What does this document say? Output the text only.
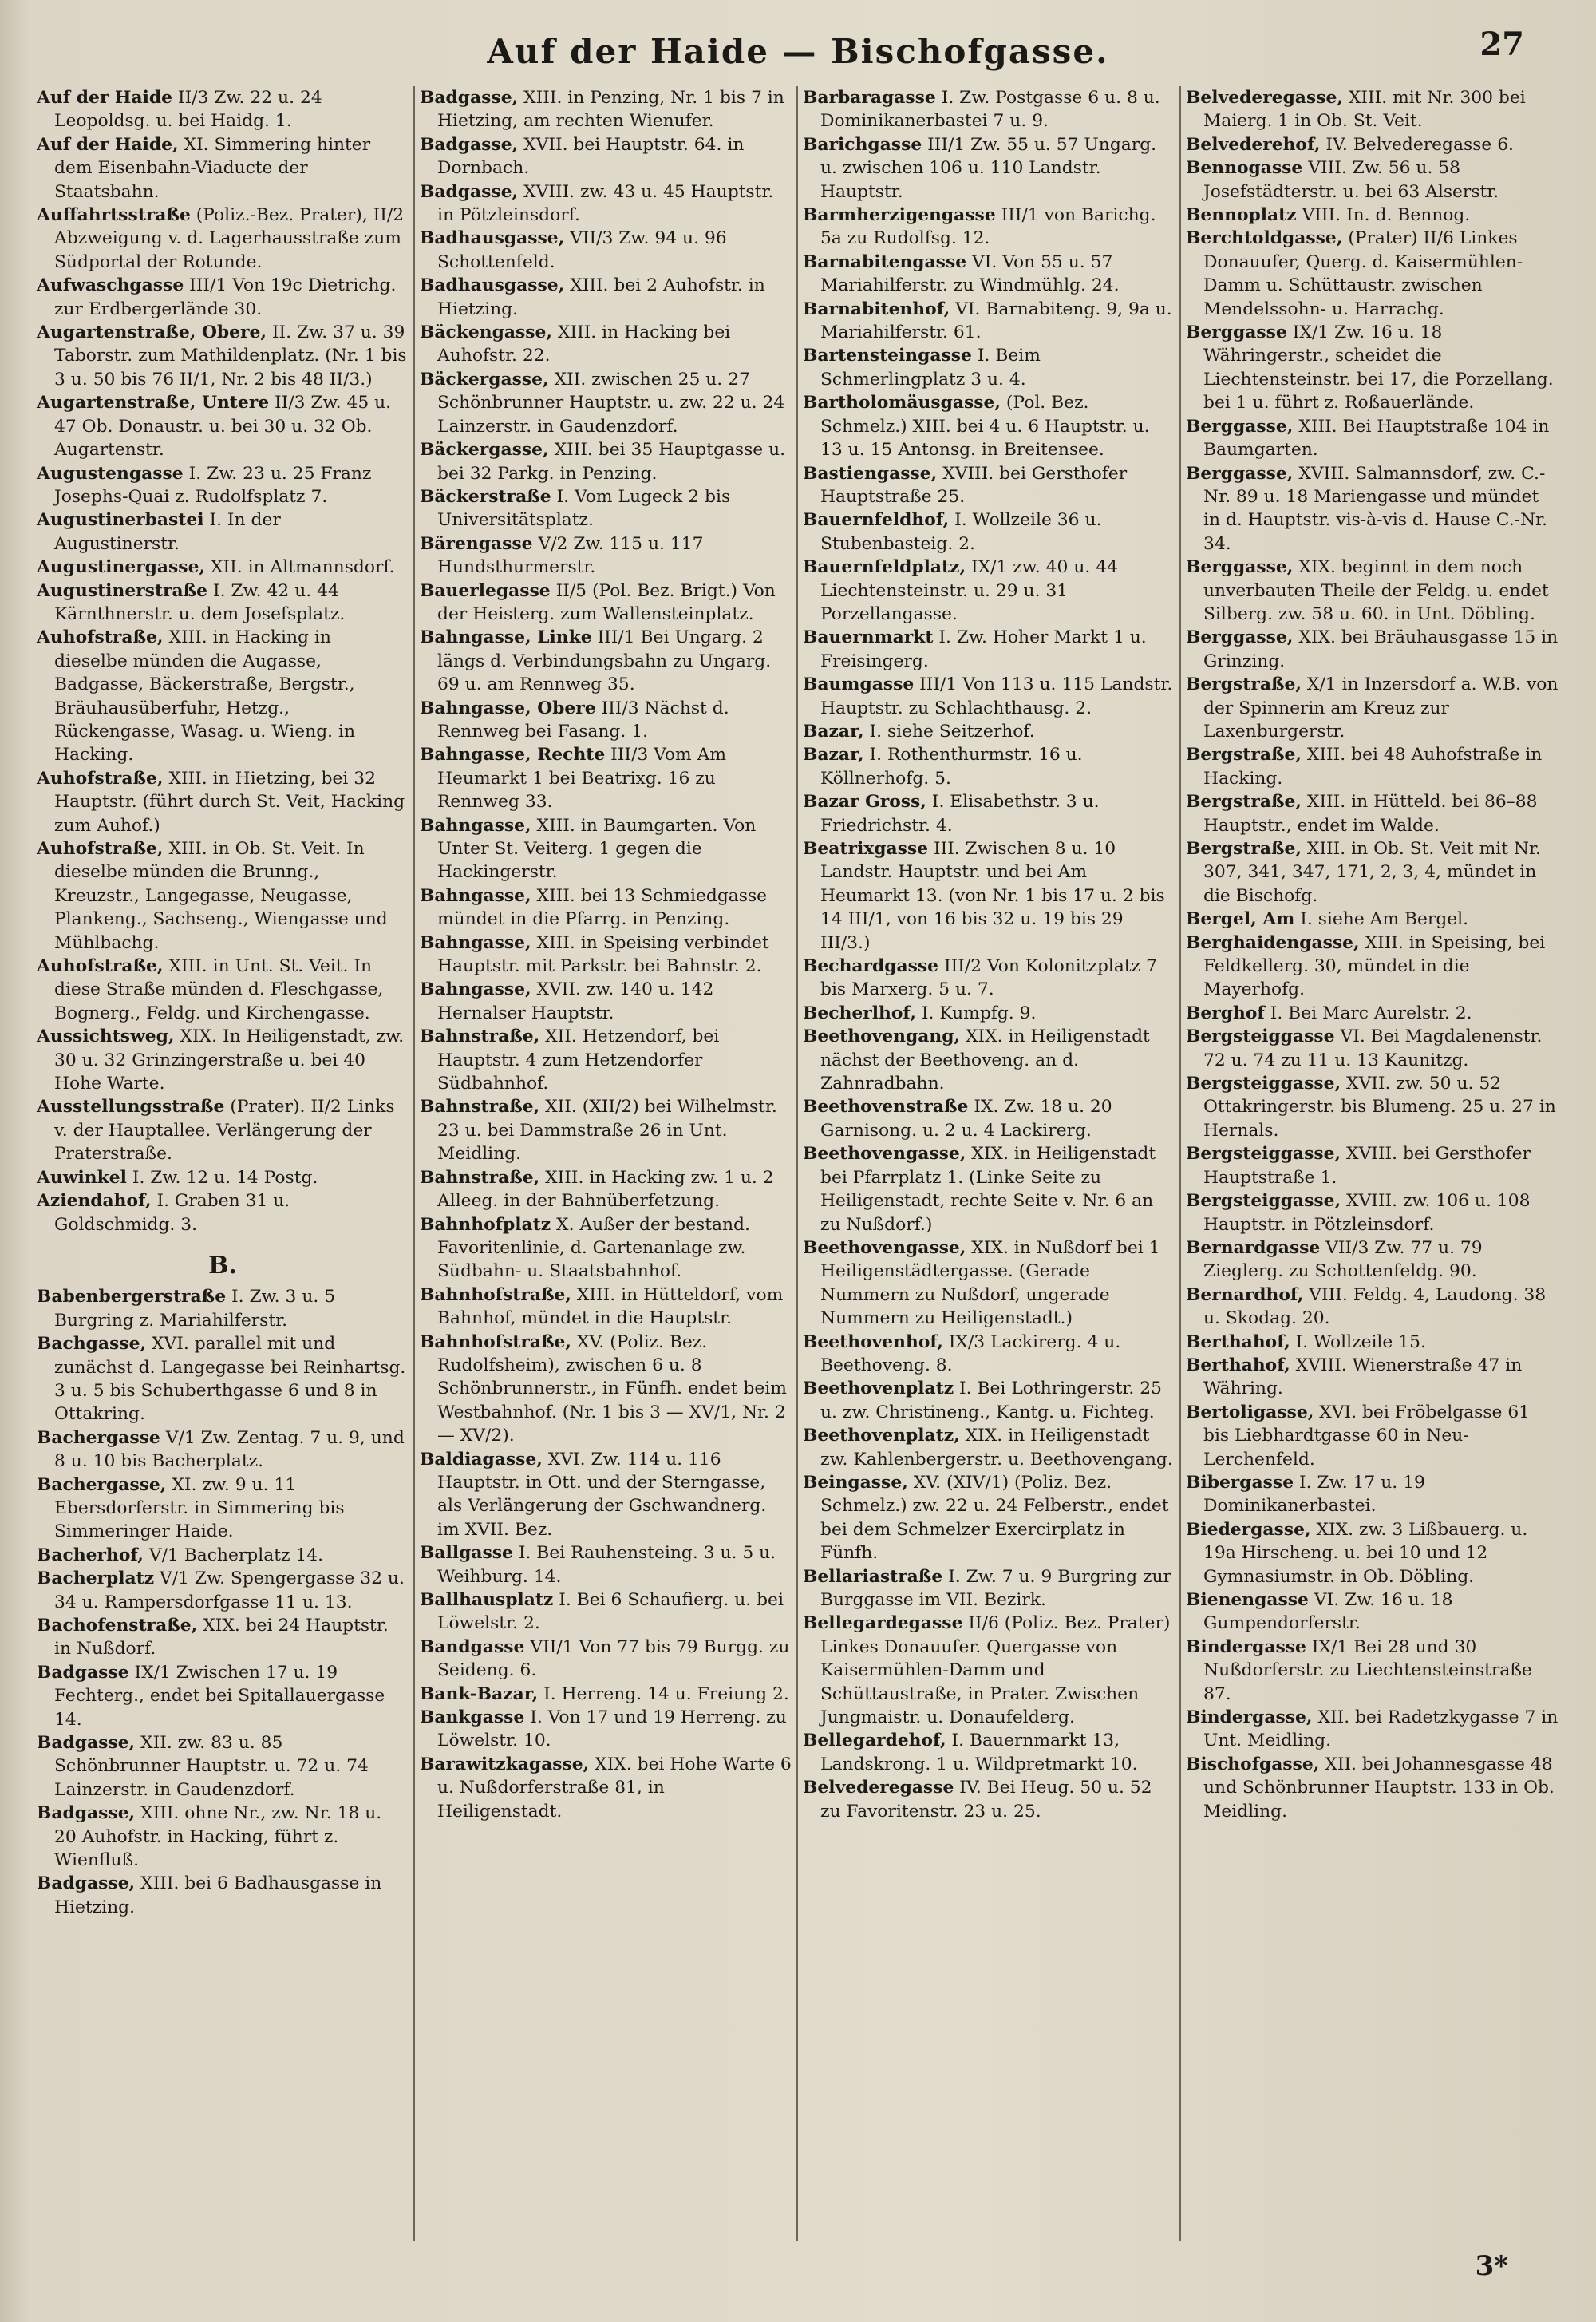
Auf der Haide — Bischofgasse.	27

Auf der Haide II/3 Zw. 22 u. 24 Leopoldsg. u. bei Haidg. 1.

Auf der Haide, XI. Simmering hinter dem Eisenbahn-Viaducte der Staatsbahn.

Auffahrtsstraße (Poliz.-Bez. Prater), II/2 Abzweigung v. d. Lagerhausstraße zum Südportal der Rotunde.

Aufwaschgasse III/1 Von 19c Dietrichg. zur Erdbergerlände 30.

Augartenstraße, Obere, II. Zw. 37 u. 39 Taborstr. zum Mathildenplatz. (Nr. 1 bis 3 u. 50 bis 76 II/1, Nr. 2 bis 48 II/3.)

Augartenstraße, Untere II/3 Zw. 45 u. 47 Ob. Donaustr. u. bei 30 u. 32 Ob. Augartenstr.

Augustengasse I. Zw. 23 u. 25 Franz Josephs-Quai z. Rudolfsplatz 7.

Augustinerbastei I. In der Augustinerstr.

Augustinergasse, XII. in Altmannsdorf.

Augustinerstraße I. Zw. 42 u. 44 Kärnthnerstr. u. dem Josefsplatz.

Auhofstraße, XIII. in Hacking in dieselbe münden die Augasse, Badgasse, Bäckerstraße, Bergstr., Bräuhausüberfuhr, Hetzg., Rückengasse, Wasag. u. Wieng. in Hacking.

Auhofstraße, XIII. in Hietzing, bei 32 Hauptstr. (führt durch St. Veit, Hacking zum Auhof.)

Auhofstraße, XIII. in Ob. St. Veit. In dieselbe münden die Brunng., Kreuzstr., Langegasse, Neugasse, Plankeng., Sachseng., Wiengasse und Mühlbachg.

Auhofstraße, XIII. in Unt. St. Veit. In diese Straße münden d. Fleschgasse, Bognerg., Feldg. und Kirchengasse.

Aussichtsweg, XIX. In Heiligenstadt, zw. 30 u. 32 Grinzingerstraße u. bei 40 Hohe Warte.

Ausstellungsstraße (Prater). II/2 Links v. der Hauptallee. Verlängerung der Praterstraße.

Auwinkel I. Zw. 12 u. 14 Postg.

Aziendahof, I. Graben 31 u. Goldschmidg. 3.

B.

Babenbergerstraße I. Zw. 3 u. 5 Burgring z. Mariahilferstr.

Bachgasse, XVI. parallel mit und zunächst d. Langegasse bei Reinhartsg. 3 u. 5 bis Schuberthgasse 6 und 8 in Ottakring.

Bachergasse V/1 Zw. Zentag. 7 u. 9, und 8 u. 10 bis Bacherplatz.

Bachergasse, XI. zw. 9 u. 11 Ebersdorferstr. in Simmering bis Simmeringer Haide.

Bacherhof, V/1 Bacherplatz 14.

Bacherplatz V/1 Zw. Spengergasse 32 u. 34 u. Rampersdorfgasse 11 u. 13.

Bachofenstraße, XIX. bei 24 Hauptstr. in Nußdorf.

Badgasse IX/1 Zwischen 17 u. 19 Fechterg., endet bei Spitallauergasse 14.

Badgasse, XII. zw. 83 u. 85 Schönbrunner Hauptstr. u. 72 u. 74 Lainzerstr. in Gaudenzdorf.

Badgasse, XIII. ohne Nr., zw. Nr. 18 u. 20 Auhofstr. in Hacking, führt z. Wienfluß.

Badgasse, XIII. bei 6 Badhausgasse in Hietzing.

Badgasse, XIII. in Penzing, Nr. 1 bis 7 in Hietzing, am rechten Wienufer.

Badgasse, XVII. bei Hauptstr. 64. in Dornbach.

Badgasse, XVIII. zw. 43 u. 45 Hauptstr. in Pötzleinsdorf.

Badhausgasse, VII/3 Zw. 94 u. 96 Schottenfeld.

Badhausgasse, XIII. bei 2 Auhofstr. in Hietzing.

Bäckengasse, XIII. in Hacking bei Auhofstr. 22.

Bäckergasse, XII. zwischen 25 u. 27 Schönbrunner Hauptstr. u. zw. 22 u. 24 Lainzerstr. in Gaudenzdorf.

Bäckergasse, XIII. bei 35 Hauptgasse u. bei 32 Parkg. in Penzing.

Bäckerstraße I. Vom Lugeck 2 bis Universitätsplatz.

Bärengasse V/2 Zw. 115 u. 117 Hundsthurmerstr.

Bauerlegasse II/5 (Pol. Bez. Brigt.) Von der Heisterg. zum Wallensteinplatz.

Bahngasse, Linke III/1 Bei Ungarg. 2 längs d. Verbindungsbahn zu Ungarg. 69 u. am Rennweg 35.

Bahngasse, Obere III/3 Nächst d. Rennweg bei Fasang. 1.

Bahngasse, Rechte III/3 Vom Am Heumarkt 1 bei Beatrixg. 16 zu Rennweg 33.

Bahngasse, XIII. in Baumgarten. Von Unter St. Veiterg. 1 gegen die Hackingerstr.

Bahngasse, XIII. bei 13 Schmiedgasse mündet in die Pfarrg. in Penzing.

Bahngasse, XIII. in Speising verbindet Hauptstr. mit Parkstr. bei Bahnstr. 2.

Bahngasse, XVII. zw. 140 u. 142 Hernalser Hauptstr.

Bahnstraße, XII. Hetzendorf, bei Hauptstr. 4 zum Hetzendorfer Südbahnhof.

Bahnstraße, XII. (XII/2) bei Wilhelmstr. 23 u. bei Dammstraße 26 in Unt. Meidling.

Bahnstraße, XIII. in Hacking zw. 1 u. 2 Alleeg. in der Bahnüberfetzung.

Bahnhofplatz X. Außer der bestand. Favoritenlinie, d. Gartenanlage zw. Südbahn- u. Staatsbahnhof.

Bahnhofstraße, XIII. in Hütteldorf, vom Bahnhof, mündet in die Hauptstr.

Bahnhofstraße, XV. (Poliz. Bez. Rudolfsheim), zwischen 6 u. 8 Schönbrunnerstr., in Fünfh. endet beim Westbahnhof. (Nr. 1 bis 3 — XV/1, Nr. 2 — XV/2).

Baldiagasse, XVI. Zw. 114 u. 116 Hauptstr. in Ott. und der Sterngasse, als Verlängerung der Gschwandnerg. im XVII. Bez.

Ballgasse I. Bei Rauhensteing. 3 u. 5 u. Weihburg. 14.

Ballhausplatz I. Bei 6 Schaufierg. u. bei Löwelstr. 2.

Bandgasse VII/1 Von 77 bis 79 Burgg. zu Seideng. 6.

Bank-Bazar, I. Herreng. 14 u. Freiung 2.

Bankgasse I. Von 17 und 19 Herreng. zu Löwelstr. 10.

Barawitzkagasse, XIX. bei Hohe Warte 6 u. Nußdorferstraße 81, in Heiligenstadt.

Barbaragasse I. Zw. Postgasse 6 u. 8 u. Dominikanerbastei 7 u. 9.

Barichgasse III/1 Zw. 55 u. 57 Ungarg. u. zwischen 106 u. 110 Landstr. Hauptstr.

Barmherzigengasse III/1 von Barichg. 5a zu Rudolfsg. 12.

Barnabitengasse VI. Von 55 u. 57 Mariahilferstr. zu Windmühlg. 24.

Barnabitenhof, VI. Barnabiteng. 9, 9a u. Mariahilferstr. 61.

Bartensteingasse I. Beim Schmerlingplatz 3 u. 4.

Bartholomäusgasse, (Pol. Bez. Schmelz.) XIII. bei 4 u. 6 Hauptstr. u. 13 u. 15 Antonsg. in Breitensee.

Bastiengasse, XVIII. bei Gersthofer Hauptstraße 25.

Bauernfeldhof, I. Wollzeile 36 u. Stubenbasteig. 2.

Bauernfeldplatz, IX/1 zw. 40 u. 44 Liechtensteinstr. u. 29 u. 31 Porzellangasse.

Bauernmarkt I. Zw. Hoher Markt 1 u. Freisingerg.

Baumgasse III/1 Von 113 u. 115 Landstr. Hauptstr. zu Schlachthausg. 2.

Bazar, I. siehe Seitzerhof.

Bazar, I. Rothenthurmstr. 16 u. Köllnerhofg. 5.

Bazar Gross, I. Elisabethstr. 3 u. Friedrichstr. 4.

Beatrixgasse III. Zwischen 8 u. 10 Landstr. Hauptstr. und bei Am Heumarkt 13. (von Nr. 1 bis 17 u. 2 bis 14 III/1, von 16 bis 32 u. 19 bis 29 III/3.)

Bechardgasse III/2 Von Kolonitzplatz 7 bis Marxerg. 5 u. 7.

Becherlhof, I. Kumpfg. 9.

Beethovengang, XIX. in Heiligenstadt nächst der Beethoveng. an d. Zahnradbahn.

Beethovenstraße IX. Zw. 18 u. 20 Garnisong. u. 2 u. 4 Lackirerg.

Beethovengasse, XIX. in Heiligenstadt bei Pfarrplatz 1. (Linke Seite zu Heiligenstadt, rechte Seite v. Nr. 6 an zu Nußdorf.)

Beethovengasse, XIX. in Nußdorf bei 1 Heiligenstädtergasse. (Gerade Nummern zu Nußdorf, ungerade Nummern zu Heiligenstadt.)

Beethovenhof, IX/3 Lackirerg. 4 u. Beethoveng. 8.

Beethovenplatz I. Bei Lothringerstr. 25 u. zw. Christineng., Kantg. u. Fichteg.

Beethovenplatz, XIX. in Heiligenstadt zw. Kahlenbergerstr. u. Beethovengang.

Beingasse, XV. (XIV/1) (Poliz. Bez. Schmelz.) zw. 22 u. 24 Felberstr., endet bei dem Schmelzer Exercirplatz in Fünfh.

Bellariastraße I. Zw. 7 u. 9 Burgring zur Burggasse im VII. Bezirk.

Bellegardegasse II/6 (Poliz. Bez. Prater) Linkes Donauufer. Quergasse von Kaisermühlen-Damm und Schüttaustraße, in Prater. Zwischen Jungmaistr. u. Donaufelderg.

Bellegardehof, I. Bauernmarkt 13, Landskrong. 1 u. Wildpretmarkt 10.

Belvederegasse IV. Bei Heug. 50 u. 52 zu Favoritenstr. 23 u. 25.

Belvederegasse, XIII. mit Nr. 300 bei Maierg. 1 in Ob. St. Veit.

Belvederehof, IV. Belvederegasse 6.

Bennogasse VIII. Zw. 56 u. 58 Josefstädterstr. u. bei 63 Alserstr.

Bennoplatz VIII. In. d. Bennog.

Berchtoldgasse, (Prater) II/6 Linkes Donauufer, Querg. d. Kaisermühlen-Damm u. Schüttaustr. zwischen Mendelssohn- u. Harrachg.

Berggasse IX/1 Zw. 16 u. 18 Währingerstr., scheidet die Liechtensteinstr. bei 17, die Porzellang. bei 1 u. führt z. Roßauerlände.

Berggasse, XIII. Bei Hauptstraße 104 in Baumgarten.

Berggasse, XVIII. Salmannsdorf, zw. C.-Nr. 89 u. 18 Mariengasse und mündet in d. Hauptstr. vis-à-vis d. Hause C.-Nr. 34.

Berggasse, XIX. beginnt in dem noch unverbauten Theile der Feldg. u. endet Silberg. zw. 58 u. 60. in Unt. Döbling.

Berggasse, XIX. bei Bräuhausgasse 15 in Grinzing.

Bergstraße, X/1 in Inzersdorf a. W.B. von der Spinnerin am Kreuz zur Laxenburgerstr.

Bergstraße, XIII. bei 48 Auhofstraße in Hacking.

Bergstraße, XIII. in Hütteld. bei 86–88 Hauptstr., endet im Walde.

Bergstraße, XIII. in Ob. St. Veit mit Nr. 307, 341, 347, 171, 2, 3, 4, mündet in die Bischofg.

Bergel, Am I. siehe Am Bergel.

Berghaidengasse, XIII. in Speising, bei Feldkellerg. 30, mündet in die Mayerhofg.

Berghof I. Bei Marc Aurelstr. 2.

Bergsteiggasse VI. Bei Magdalenenstr. 72 u. 74 zu 11 u. 13 Kaunitzg.

Bergsteiggasse, XVII. zw. 50 u. 52 Ottakringerstr. bis Blumeng. 25 u. 27 in Hernals.

Bergsteiggasse, XVIII. bei Gersthofer Hauptstraße 1.

Bergsteiggasse, XVIII. zw. 106 u. 108 Hauptstr. in Pötzleinsdorf.

Bernardgasse VII/3 Zw. 77 u. 79 Zieglerg. zu Schottenfeldg. 90.

Bernardhof, VIII. Feldg. 4, Laudong. 38 u. Skodag. 20.

Berthahof, I. Wollzeile 15.

Berthahof, XVIII. Wienerstraße 47 in Währing.

Bertoligasse, XVI. bei Fröbelgasse 61 bis Liebhardtgasse 60 in Neu-Lerchenfeld.

Bibergasse I. Zw. 17 u. 19 Dominikanerbastei.

Biedergasse, XIX. zw. 3 Lißbauerg. u. 19a Hirscheng. u. bei 10 und 12 Gymnasiumstr. in Ob. Döbling.

Bienengasse VI. Zw. 16 u. 18 Gumpendorferstr.

Bindergasse IX/1 Bei 28 und 30 Nußdorferstr. zu Liechtensteinstraße 87.

Bindergasse, XII. bei Radetzkygasse 7 in Unt. Meidling.

Bischofgasse, XII. bei Johannesgasse 48 und Schönbrunner Hauptstr. 133 in Ob. Meidling.

3*
